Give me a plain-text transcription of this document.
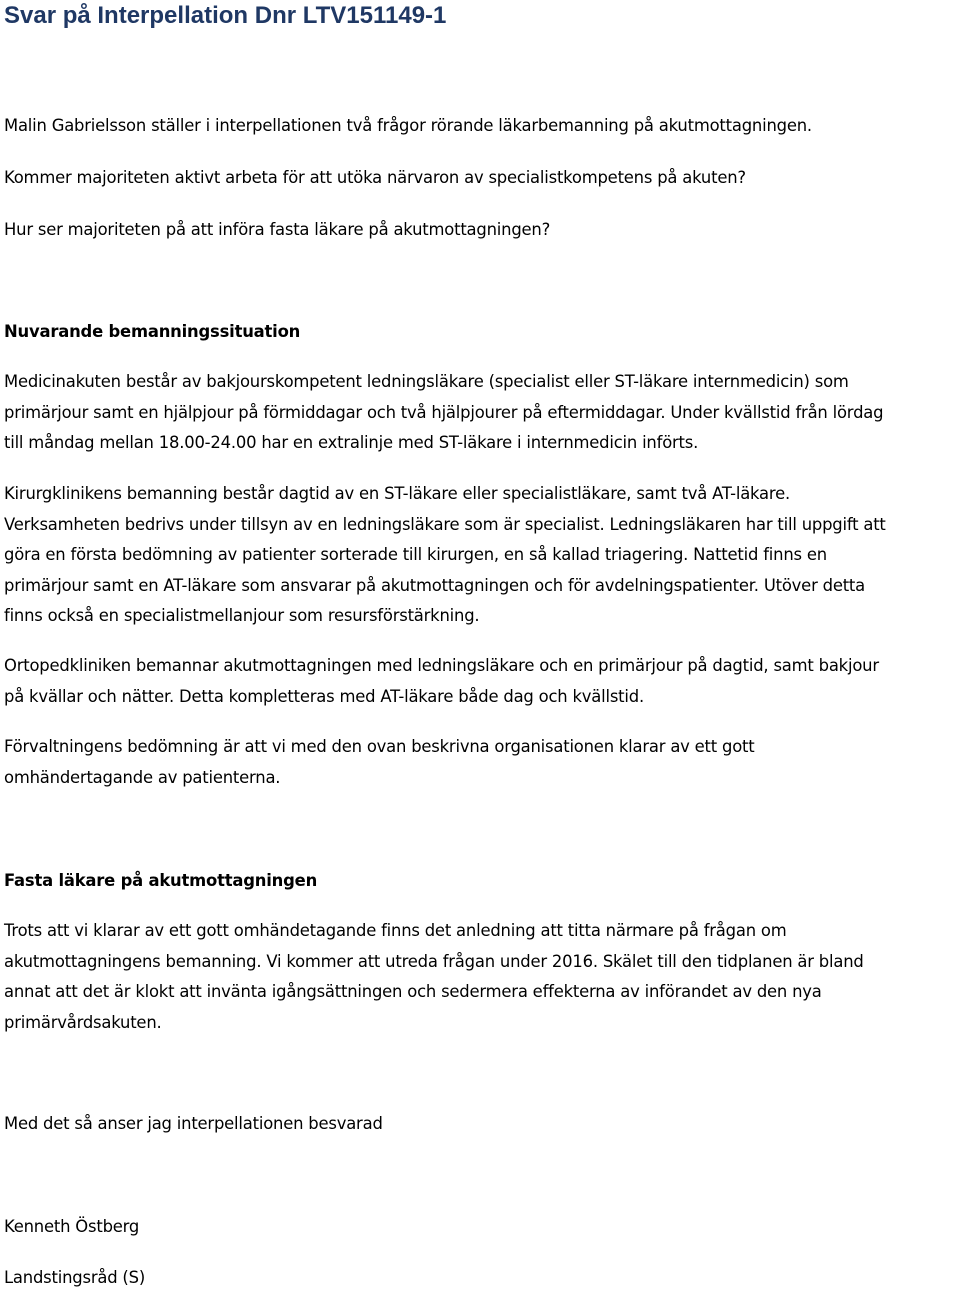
Svar på Interpellation Dnr LTV151149-1
Malin Gabrielsson ställer i interpellationen två frågor rörande läkarbemanning på akutmottagningen.
Kommer majoriteten aktivt arbeta för att utöka närvaron av specialistkompetens på akuten?
Hur ser majoriteten på att införa fasta läkare på akutmottagningen?
Nuvarande bemanningssituation
Medicinakuten består av bakjourskompetent ledningsläkare (specialist eller ST-läkare internmedicin) som
primärjour samt en hjälpjour på förmiddagar och två hjälpjourer på eftermiddagar. Under kvällstid från lördag
till måndag mellan 18.00-24.00 har en extralinje med ST-läkare i internmedicin införts.
Kirurgklinikens bemanning består dagtid av en ST-läkare eller specialistläkare, samt två AT-läkare.
Verksamheten bedrivs under tillsyn av en ledningsläkare som är specialist. Ledningsläkaren har till uppgift att
göra en första bedömning av patienter sorterade till kirurgen, en så kallad triagering. Nattetid finns en
primärjour samt en AT-läkare som ansvarar på akutmottagningen och för avdelningspatienter. Utöver detta
finns också en specialistmellanjour som resursförstärkning.
Ortopedkliniken bemannar akutmottagningen med ledningsläkare och en primärjour på dagtid, samt bakjour
på kvällar och nätter. Detta kompletteras med AT-läkare både dag och kvällstid.
Förvaltningens bedömning är att vi med den ovan beskrivna organisationen klarar av ett gott
omhändertagande av patienterna.
Fasta läkare på akutmottagningen
Trots att vi klarar av ett gott omhändetagande finns det anledning att titta närmare på frågan om
akutmottagningens bemanning. Vi kommer att utreda frågan under 2016. Skälet till den tidplanen är bland
annat att det är klokt att invänta igångsättningen och sedermera effekterna av införandet av den nya
primärvårdsakuten.
Med det så anser jag interpellationen besvarad
Kenneth Östberg
Landstingsråd (S)
